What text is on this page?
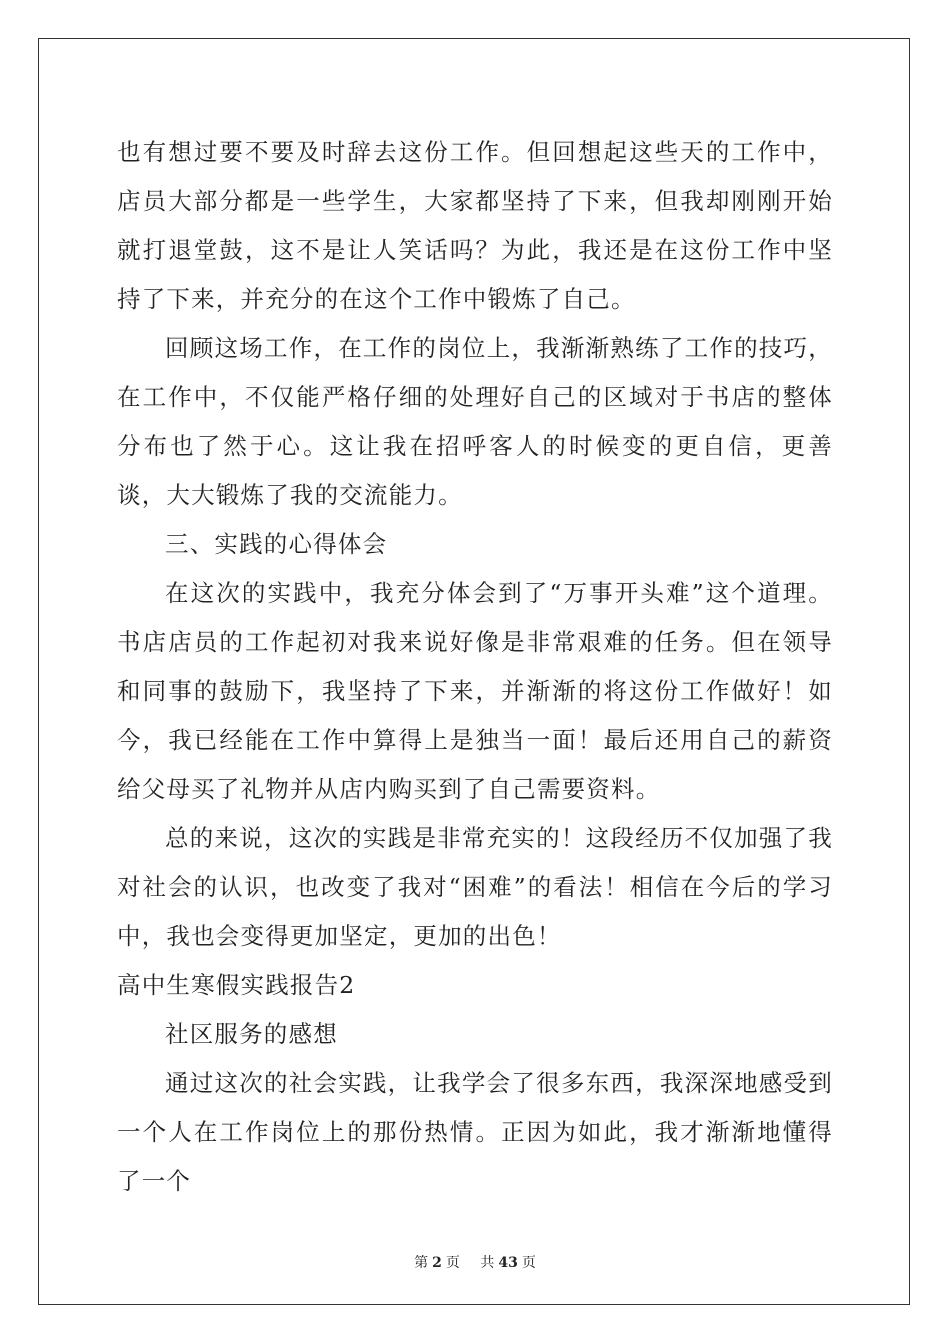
也有想过要不要及时辞去这份工作。但回想起这些天的工作中，店员大部分都是一些学生，大家都坚持了下来，但我却刚刚开始就打退堂鼓，这不是让人笑话吗？为此，我还是在这份工作中坚持了下来，并充分的在这个工作中锻炼了自己。

回顾这场工作，在工作的岗位上，我渐渐熟练了工作的技巧，在工作中，不仅能严格仔细的处理好自己的区域对于书店的整体分布也了然于心。这让我在招呼客人的时候变的更自信，更善谈，大大锻炼了我的交流能力。

三、实践的心得体会

在这次的实践中，我充分体会到了“万事开头难”这个道理。书店店员的工作起初对我来说好像是非常艰难的任务。但在领导和同事的鼓励下，我坚持了下来，并渐渐的将这份工作做好！如今，我已经能在工作中算得上是独当一面！最后还用自己的薪资给父母买了礼物并从店内购买到了自己需要资料。

总的来说，这次的实践是非常充实的！这段经历不仅加强了我对社会的认识，也改变了我对“困难”的看法！相信在今后的学习中，我也会变得更加坚定，更加的出色！

高中生寒假实践报告2

社区服务的感想

通过这次的社会实践，让我学会了很多东西，我深深地感受到一个人在工作岗位上的那份热情。正因为如此，我才渐渐地懂得了一个

第 2 页 共 43 页
